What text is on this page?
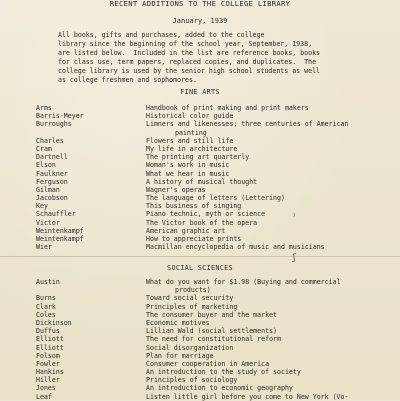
RECENT ADDITIONS TO THE COLLEGE LIBRARY
January, 1939
All books, gifts and purchases, added to the college
library since the beginning of the school year, September, 1938,
are listed below.  Included in the list are reference books, books
for class use, term papers, replaced copies, and duplicates.  The
college library is used by the senior high school students as well
as college freshmen and sophomores.
FINE ARTS
Arms	Handbook of print making and print makers
Barris-Meyer	Historical color guide
Burroughs	Limners and likenesses; three centuries of American
painting
Charles	Flowers and still life
Cram	My life in architecture
Dartnell	The printing art quarterly
Elson	Woman's work in music
Faulkner	What we hear in music
Ferguson	A history of musical thought
Gilman	Wagner's operas
Jacobson	The language of letters (Lettering)
Key	This business of singing
Schauffler	Piano technic, myth or science
Victor	The Victor book of the opera
Weintenkampf	American graphic art
Weintenkampf	How to appreciate prints
Wier	Macmillan encyclopedia of music and musicians
⁾
ʃ
SOCIAL SCIENCES
Austin	What do you want for $1.98 (Buying and commercial
products)
Burns	Toward social security
Clark	Principles of marketing
Coles	The consumer buyer and the market
Dickinson	Economic motives
Duffus	Lillian Wald (social settlements)
Elliott	The need for constitutional reform
Elliott	Social disorganization
Folsom	Plan for marriage
Fowler	Consumer cooperation in America
Hankins	An introduction to the study of society
Hiller	Principles of sociology
Jones	An introduction to economic geography
Leaf	Listen little girl before you come to New York (Vo-
